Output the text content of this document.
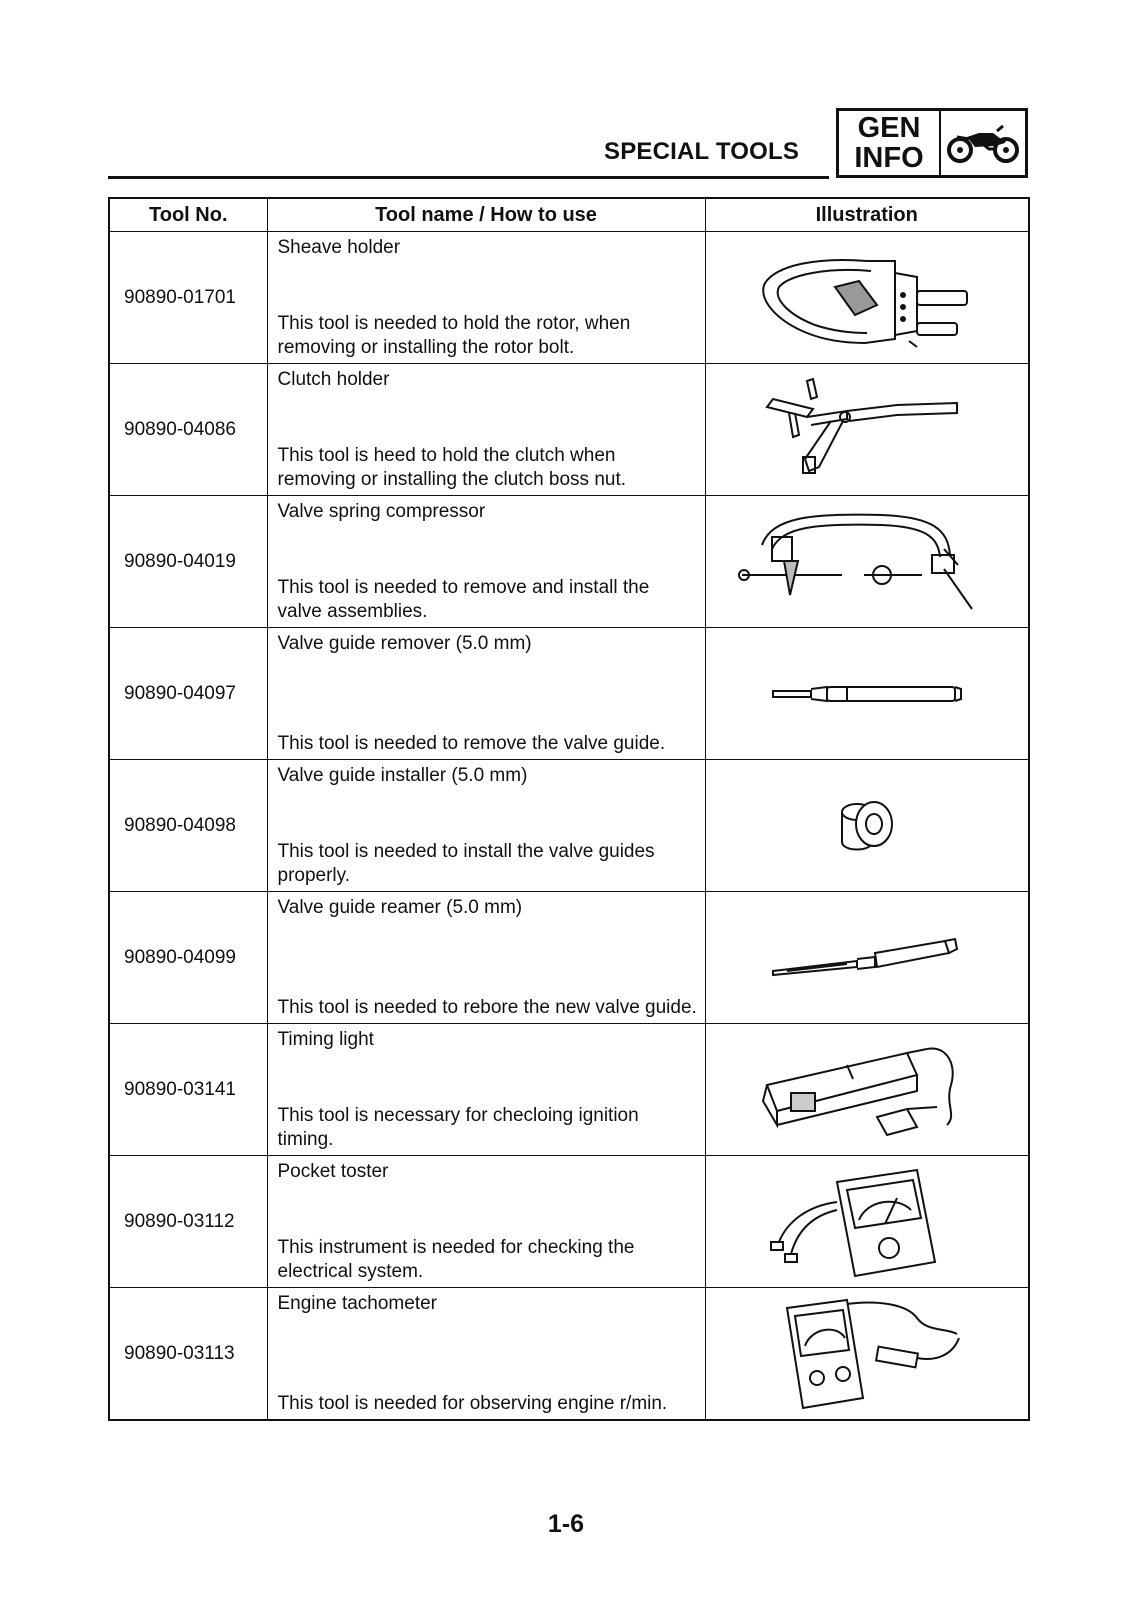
SPECIAL TOOLS
GEN
INFO
Tool No.	Tool name / How to use	Illustration
90890-01701	Sheave holder
This tool is needed to hold the rotor, when removing or installing the rotor bolt.

90890-04086	Clutch holder
This tool is heed to hold the clutch when removing or installing the clutch boss nut.

90890-04019	Valve spring compressor
This tool is needed to remove and install the valve assemblies.

90890-04097	Valve guide remover (5.0 mm)
This tool is needed to remove the valve guide.

90890-04098	Valve guide installer (5.0 mm)
This tool is needed to install the valve guides properly.

90890-04099	Valve guide reamer (5.0 mm)
This tool is needed to rebore the new valve guide.

90890-03141	Timing light
This tool is necessary for checloing ignition timing.

90890-03112	Pocket toster
This instrument is needed for checking the electrical system.

90890-03113	Engine tachometer
This tool is needed for observing engine r/min.

1-6
